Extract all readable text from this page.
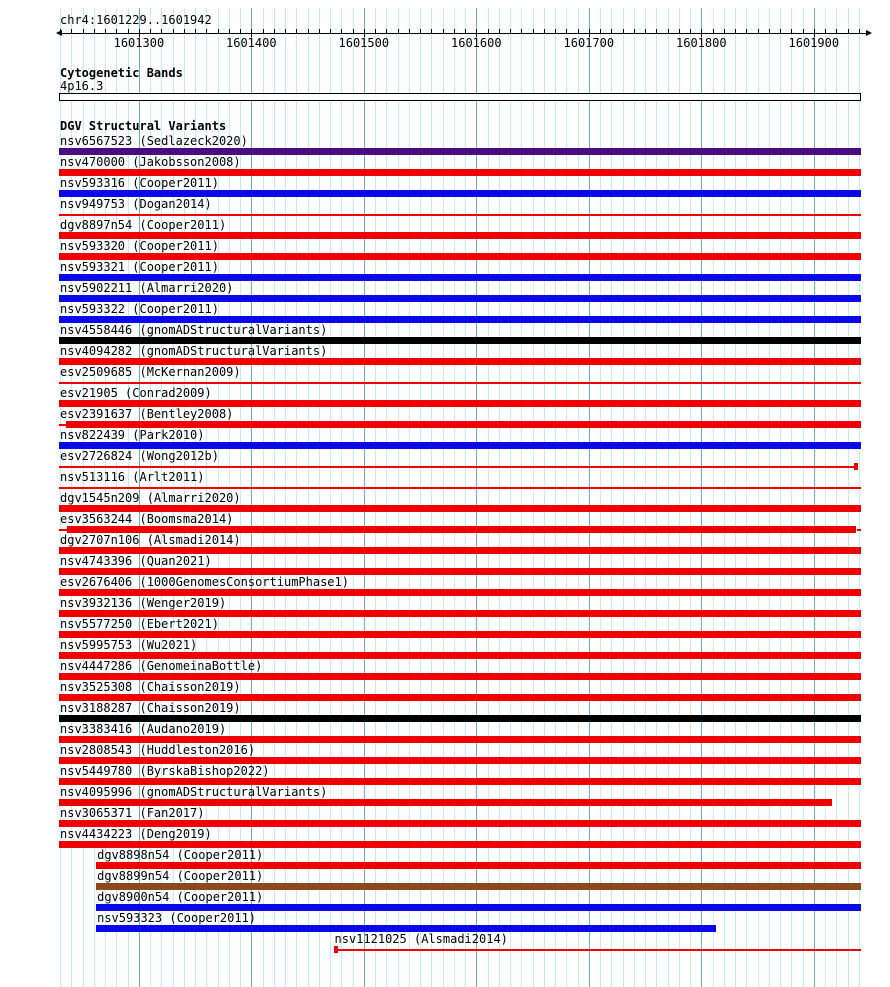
chr4:1601229..1601942
1601300	1601400	1601500	1601600	1601700	1601800	1601900
Cytogenetic Bands
4p16.3
DGV Structural Variants
nsv6567523 (Sedlazeck2020)
nsv470000 (Jakobsson2008)
nsv593316 (Cooper2011)
nsv949753 (Dogan2014)
dgv8897n54 (Cooper2011)
nsv593320 (Cooper2011)
nsv593321 (Cooper2011)
nsv5902211 (Almarri2020)
nsv593322 (Cooper2011)
nsv4558446 (gnomADStructuralVariants)
nsv4094282 (gnomADStructuralVariants)
esv2509685 (McKernan2009)
esv21905 (Conrad2009)
esv2391637 (Bentley2008)
nsv822439 (Park2010)
esv2726824 (Wong2012b)
nsv513116 (Arlt2011)
dgv1545n209 (Almarri2020)
esv3563244 (Boomsma2014)
dgv2707n106 (Alsmadi2014)
nsv4743396 (Quan2021)
esv2676406 (1000GenomesConsortiumPhase1)
nsv3932136 (Wenger2019)
nsv5577250 (Ebert2021)
nsv5995753 (Wu2021)
nsv4447286 (GenomeinaBottle)
nsv3525308 (Chaisson2019)
nsv3188287 (Chaisson2019)
nsv3383416 (Audano2019)
nsv2808543 (Huddleston2016)
nsv5449780 (ByrskaBishop2022)
nsv4095996 (gnomADStructuralVariants)
nsv3065371 (Fan2017)
nsv4434223 (Deng2019)
dgv8898n54 (Cooper2011)
dgv8899n54 (Cooper2011)
dgv8900n54 (Cooper2011)
nsv593323 (Cooper2011)
nsv1121025 (Alsmadi2014)
